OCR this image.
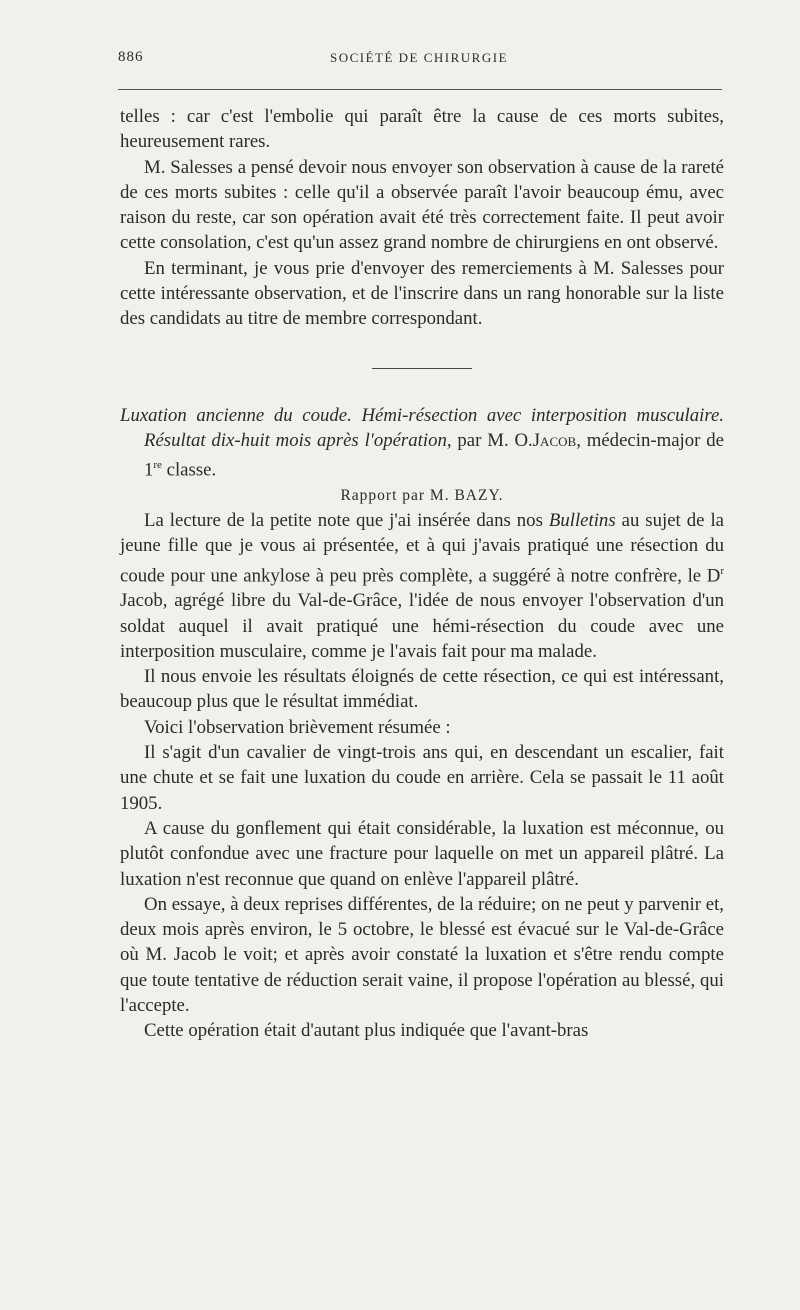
886	SOCIÉTÉ DE CHIRURGIE

telles : car c'est l'embolie qui paraît être la cause de ces morts subites, heureusement rares.

M. Salesses a pensé devoir nous envoyer son observation à cause de la rareté de ces morts subites : celle qu'il a observée paraît l'avoir beaucoup ému, avec raison du reste, car son opération avait été très correctement faite. Il peut avoir cette consolation, c'est qu'un assez grand nombre de chirurgiens en ont observé.

En terminant, je vous prie d'envoyer des remerciements à M. Salesses pour cette intéressante observation, et de l'inscrire dans un rang honorable sur la liste des candidats au titre de membre correspondant.

Luxation ancienne du coude. Hémi-résection avec interposition musculaire. Résultat dix-huit mois après l'opération, par M. O.Jacob, médecin-major de 1re classe.

Rapport par M. BAZY.

La lecture de la petite note que j'ai insérée dans nos Bulletins au sujet de la jeune fille que je vous ai présentée, et à qui j'avais pratiqué une résection du coude pour une ankylose à peu près complète, a suggéré à notre confrère, le $D^r$ Jacob, agrégé libre du Val-de-Grâce, l'idée de nous envoyer l'observation d'un soldat auquel il avait pratiqué une hémi-résection du coude avec une interposition musculaire, comme je l'avais fait pour ma malade.

Il nous envoie les résultats éloignés de cette résection, ce qui est intéressant, beaucoup plus que le résultat immédiat.

Voici l'observation brièvement résumée :

Il s'agit d'un cavalier de vingt-trois ans qui, en descendant un escalier, fait une chute et se fait une luxation du coude en arrière. Cela se passait le 11 août 1905.

A cause du gonflement qui était considérable, la luxation est méconnue, ou plutôt confondue avec une fracture pour laquelle on met un appareil plâtré. La luxation n'est reconnue que quand on enlève l'appareil plâtré.

On essaye, à deux reprises différentes, de la réduire; on ne peut y parvenir et, deux mois après environ, le 5 octobre, le blessé est évacué sur le Val-de-Grâce où M. Jacob le voit; et après avoir constaté la luxation et s'être rendu compte que toute tentative de réduction serait vaine, il propose l'opération au blessé, qui l'accepte.

Cette opération était d'autant plus indiquée que l'avant-bras
